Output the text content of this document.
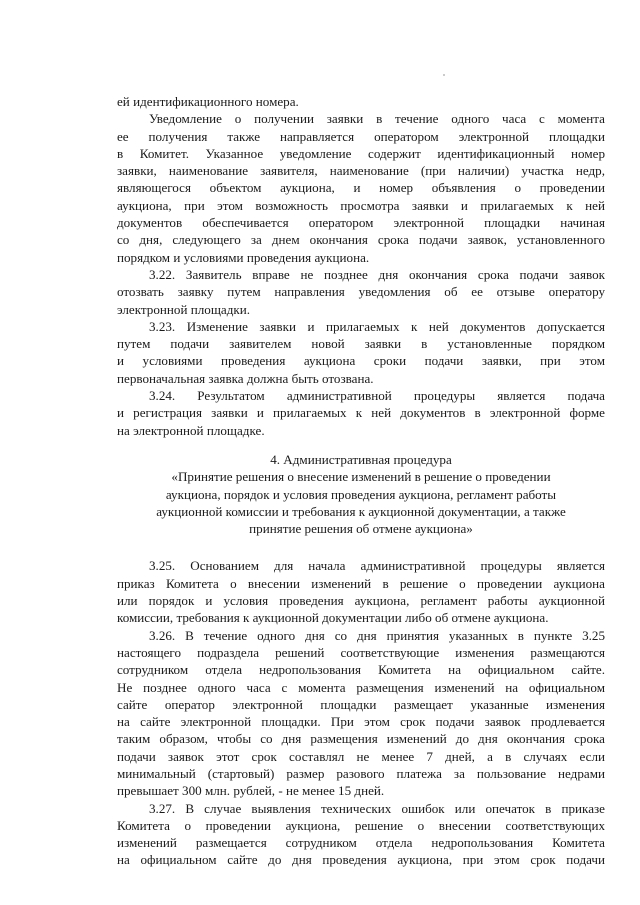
ей идентификационного номера.

Уведомление о получении заявки в течение одного часа с момента

ее получения также направляется оператором электронной площадки

в Комитет. Указанное уведомление содержит идентификационный номер

заявки, наименование заявителя, наименование (при наличии) участка недр,

являющегося объектом аукциона, и номер объявления о проведении

аукциона, при этом возможность просмотра заявки и прилагаемых к ней

документов обеспечивается оператором электронной площадки начиная

со дня, следующего за днем окончания срока подачи заявок, установленного

порядком и условиями проведения аукциона.

3.22. Заявитель вправе не позднее дня окончания срока подачи заявок

отозвать заявку путем направления уведомления об ее отзыве оператору

электронной площадки.

3.23. Изменение заявки и прилагаемых к ней документов допускается

путем подачи заявителем новой заявки в установленные порядком

и условиями проведения аукциона сроки подачи заявки, при этом

первоначальная заявка должна быть отозвана.

3.24. Результатом административной процедуры является подача

и регистрация заявки и прилагаемых к ней документов в электронной форме

на электронной площадке.

4. Административная процедура

«Принятие решения о внесение изменений в решение о проведении

аукциона, порядок и условия проведения аукциона, регламент работы

аукционной комиссии и требования к аукционной документации, а также

принятие решения об отмене аукциона»

3.25. Основанием для начала административной процедуры является

приказ Комитета о внесении изменений в решение о проведении аукциона

или порядок и условия проведения аукциона, регламент работы аукционной

комиссии, требования к аукционной документации либо об отмене аукциона.

3.26. В течение одного дня со дня принятия указанных в пункте 3.25

настоящего подраздела решений соответствующие изменения размещаются

сотрудником отдела недропользования Комитета на официальном сайте.

Не позднее одного часа с момента размещения изменений на официальном

сайте оператор электронной площадки размещает указанные изменения

на сайте электронной площадки. При этом срок подачи заявок продлевается

таким образом, чтобы со дня размещения изменений до дня окончания срока

подачи заявок этот срок составлял не менее 7 дней, а в случаях если

минимальный (стартовый) размер разового платежа за пользование недрами

превышает 300 млн. рублей, - не менее 15 дней.

3.27. В случае выявления технических ошибок или опечаток в приказе

Комитета о проведении аукциона, решение о внесении соответствующих

изменений размещается сотрудником отдела недропользования Комитета

на официальном сайте до дня проведения аукциона, при этом срок подачи
